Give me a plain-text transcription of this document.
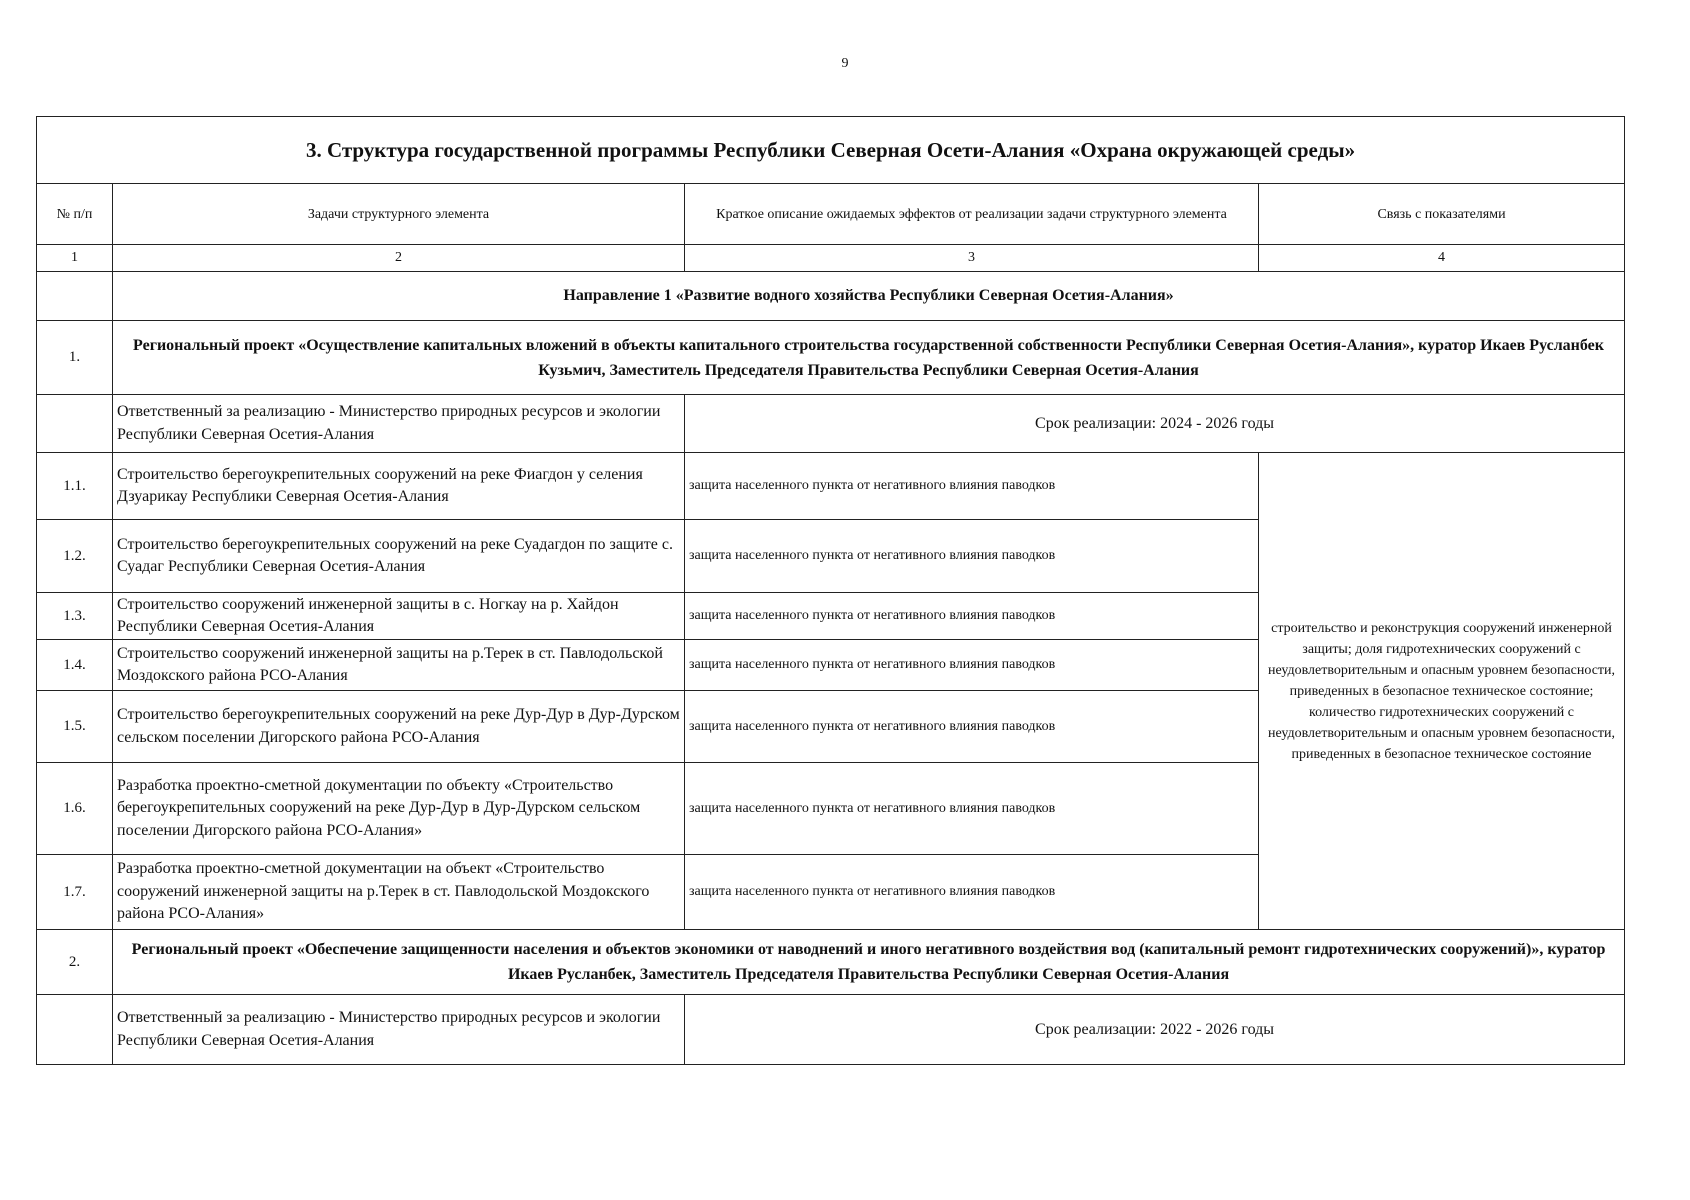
9
3. Структура государственной программы Республики Северная Осети-Алания «Охрана окружающей среды»			
№ п/п	Задачи структурного элемента	Краткое описание ожидаемых эффектов от реализации задачи структурного элемента	Связь с показателями
1	2	3	4
	Направление 1 «Развитие водного хозяйства Республики Северная Осетия-Алания»		
1.	Региональный проект «Осуществление капитальных вложений в объекты капитального строительства государственной собственности Республики Северная Осетия-Алания», куратор Икаев Русланбек Кузьмич, Заместитель Председателя Правительства Республики Северная Осетия-Алания		
	Ответственный за реализацию - Министерство природных ресурсов и экологии Республики Северная Осетия-Алания	Срок реализации: 2024 - 2026 годы	
1.1.	Строительство берегоукрепительных сооружений на реке Фиагдон у селения Дзуарикау Республики Северная Осетия-Алания	защита населенного пункта от негативного влияния паводков	строительство и реконструкция сооружений инженерной защиты; доля гидротехнических сооружений с неудовлетворительным и опасным уровнем безопасности, приведенных в безопасное техническое состояние; количество гидротехнических сооружений с неудовлетворительным и опасным уровнем безопасности, приведенных в безопасное техническое состояние
1.2.	Строительство берегоукрепительных сооружений на реке Суадагдон по защите с. Суадаг Республики Северная Осетия-Алания	защита населенного пункта от негативного влияния паводков	
1.3.	Строительство сооружений инженерной защиты в с. Ногкау на р. Хайдон Республики Северная Осетия-Алания	защита населенного пункта от негативного влияния паводков	
1.4.	Строительство сооружений инженерной защиты на р.Терек в ст. Павлодольской Моздокского района РСО-Алания	защита населенного пункта от негативного влияния паводков	
1.5.	Строительство берегоукрепительных сооружений на реке Дур-Дур в Дур-Дурском сельском поселении Дигорского района РСО-Алания	защита населенного пункта от негативного влияния паводков	
1.6.	Разработка проектно-сметной документации по объекту «Строительство берегоукрепительных сооружений на реке Дур-Дур в Дур-Дурском сельском поселении Дигорского района РСО-Алания»	защита населенного пункта от негативного влияния паводков	
1.7.	Разработка проектно-сметной документации на объект «Строительство сооружений инженерной защиты на р.Терек в ст. Павлодольской Моздокского района РСО-Алания»	защита населенного пункта от негативного влияния паводков	
2.	Региональный проект «Обеспечение защищенности населения и объектов экономики от наводнений и иного негативного воздействия вод (капитальный ремонт гидротехнических сооружений)», куратор Икаев Русланбек, Заместитель Председателя Правительства Республики Северная Осетия-Алания		
	Ответственный за реализацию - Министерство природных ресурсов и экологии Республики Северная Осетия-Алания	Срок реализации: 2022 - 2026 годы	
